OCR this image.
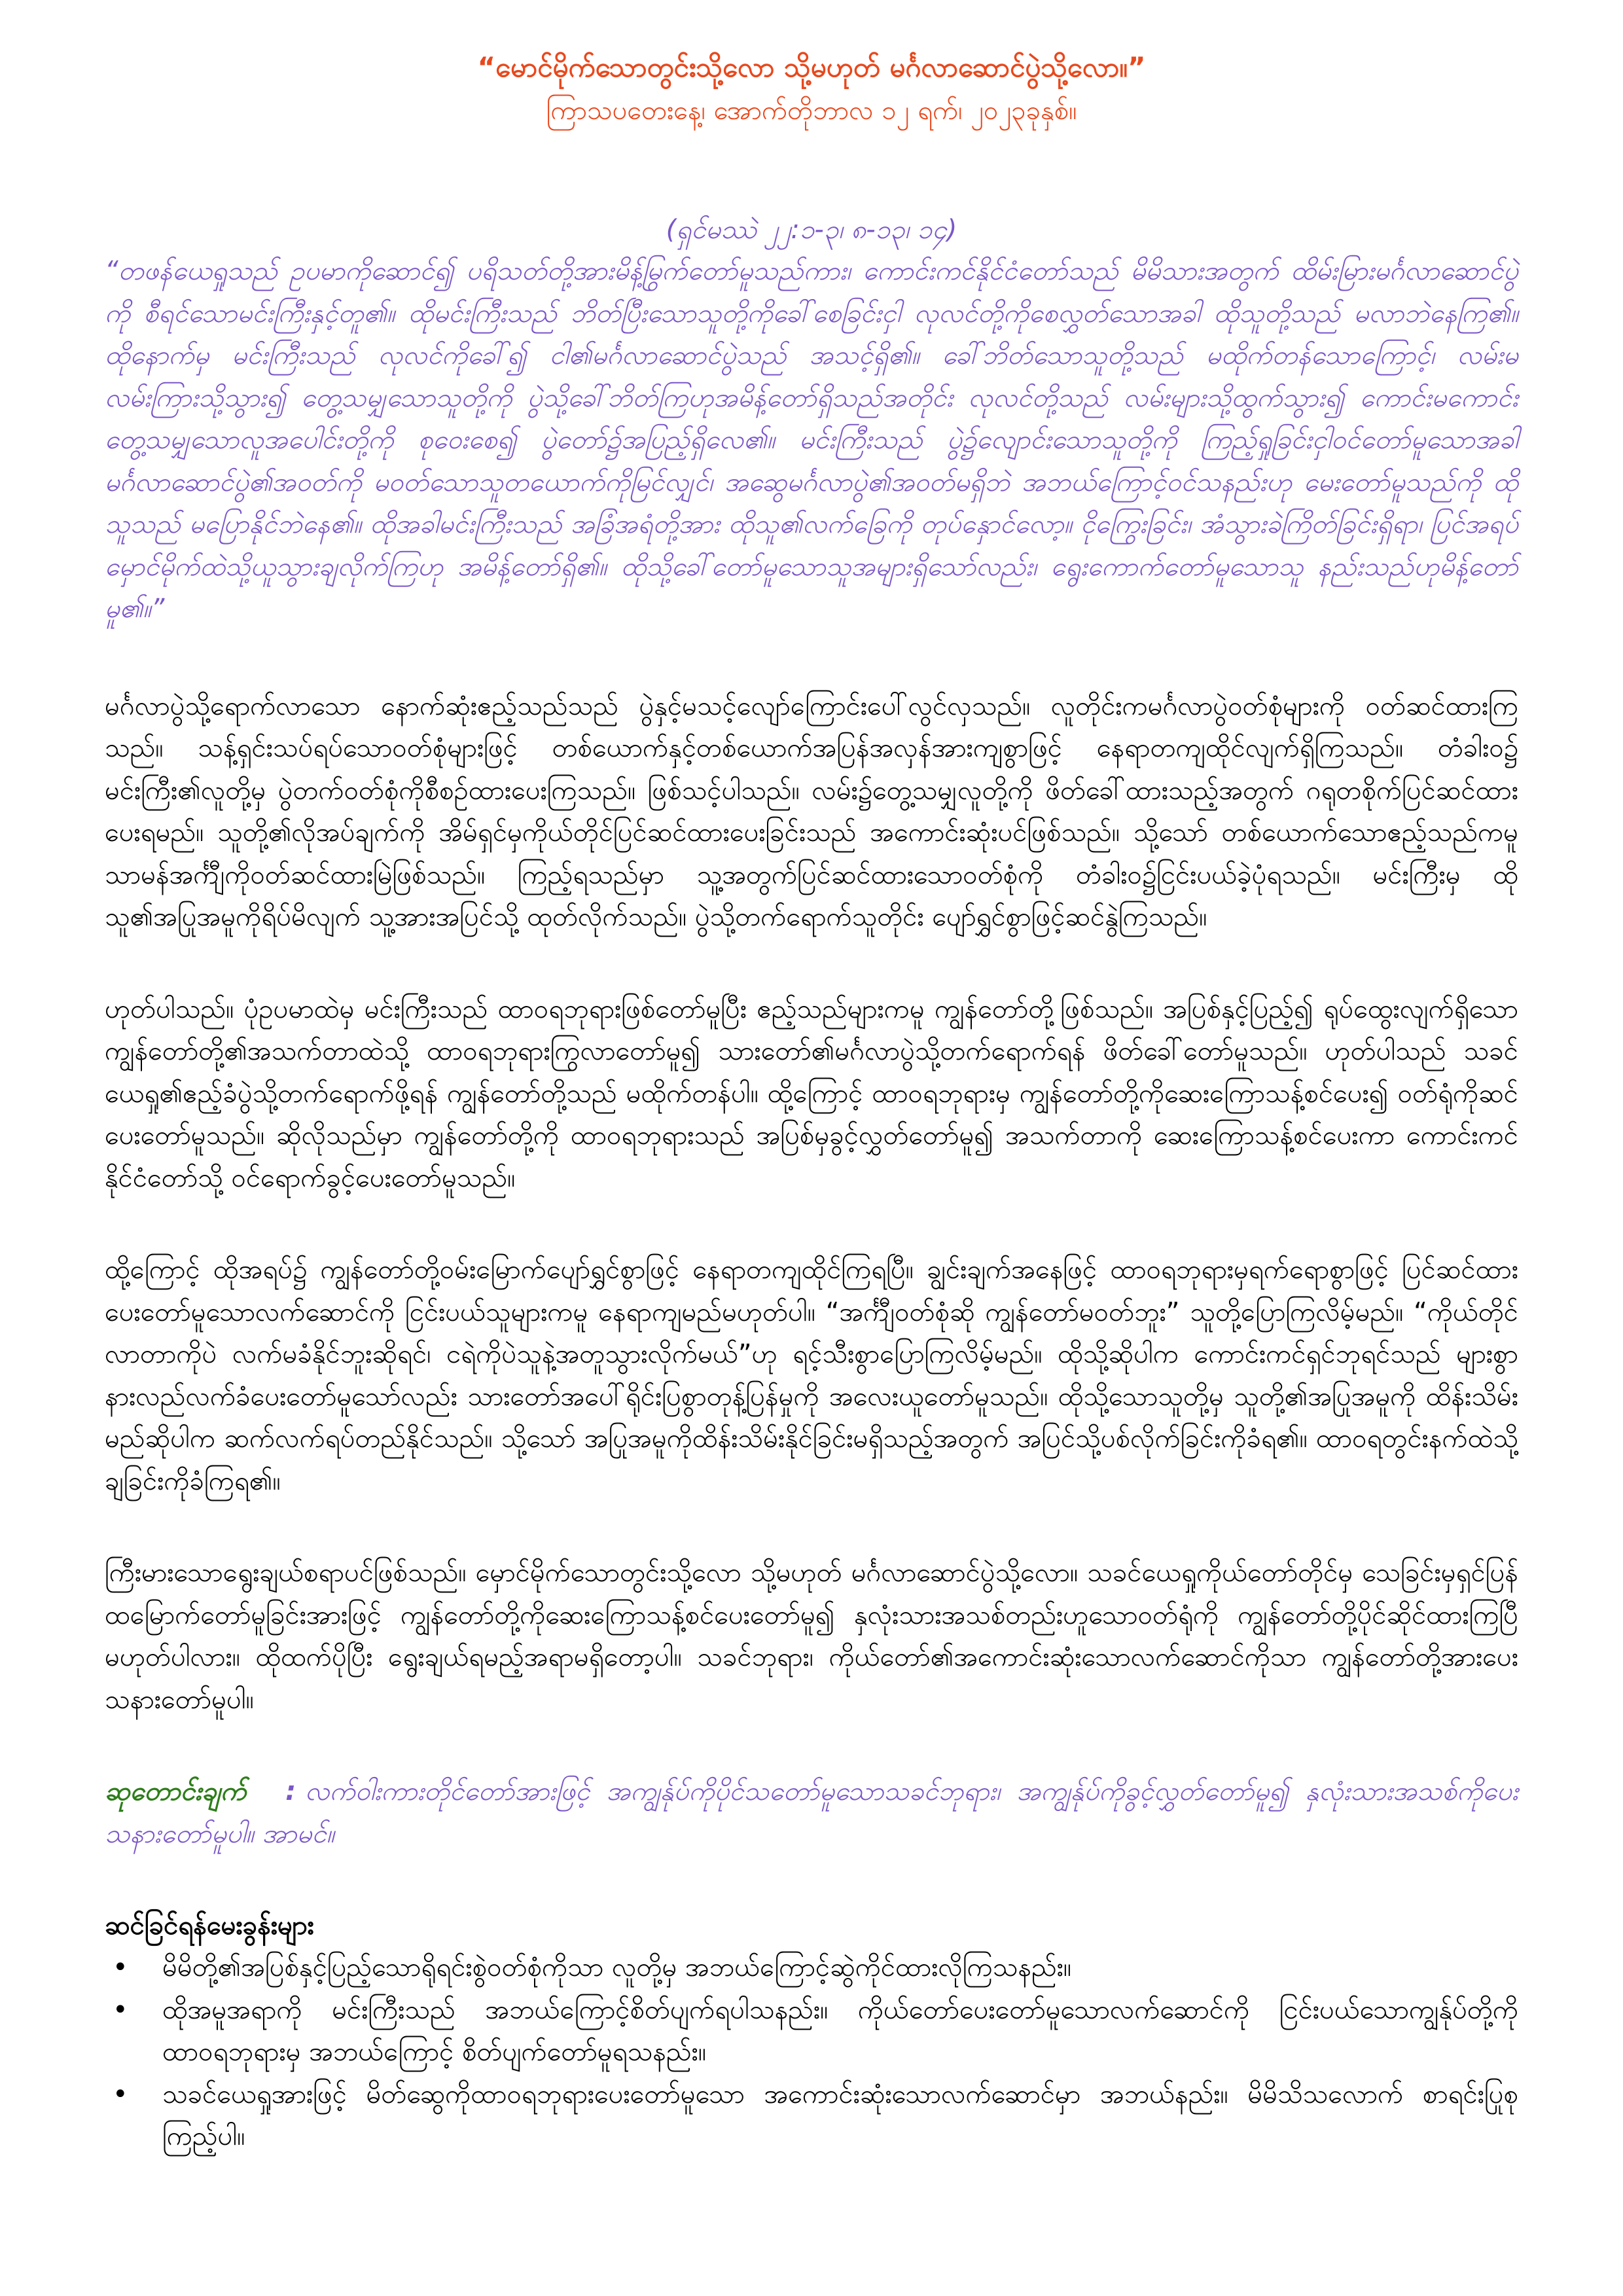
“မောင်မိုက်သောတွင်းသို့လော သို့မဟုတ် မင်္ဂလာဆောင်ပွဲသို့လော။”

ကြာသပတေးနေ့၊ အောက်တိုဘာလ ၁၂ ရက်၊ ၂၀၂၃ခုနှစ်။

(ရှင်မဿဲ ၂၂:၁-၃၊ ၈-၁၃၊ ၁၄)

“တဖန်ယေရှုသည် ဥပမာကိုဆောင်၍ ပရိသတ်တို့အားမိန့်မြွက်တော်မူသည်ကား၊ ကောင်းကင်နိုင်ငံတော်သည် မိမိသားအတွက် ထိမ်းမြားမင်္ဂလာဆောင်ပွဲကို စီရင်သောမင်းကြီးနှင့်တူ၏။ ထိုမင်းကြီးသည် ဘိတ်ပြီးသောသူတို့ကိုခေါ်စေခြင်းငှါ လုလင်တို့ကိုစေလွှတ်သောအခါ ထိုသူတို့သည် မလာဘဲနေကြ၏။ ထိုနောက်မှ မင်းကြီးသည် လုလင်ကိုခေါ်၍ ငါ၏မင်္ဂလာဆောင်ပွဲသည် အသင့်ရှိ၏။ ခေါ်ဘိတ်သောသူတို့သည် မထိုက်တန်သောကြောင့်၊ လမ်းမ လမ်းကြားသို့သွား၍ တွေ့သမျှသောသူတို့ကို ပွဲသို့ခေါ်ဘိတ်ကြဟုအမိန့်တော်ရှိသည်အတိုင်း လုလင်တို့သည် လမ်းများသို့ထွက်သွား၍ ကောင်းမကောင်း တွေ့သမျှသောလူအပေါင်းတို့ကို စုဝေးစေ၍ ပွဲတော်၌အပြည့်ရှိလေ၏။ မင်းကြီးသည် ပွဲ၌လျောင်းသောသူတို့ကို ကြည့်ရှုခြင်းငှါဝင်တော်မူသောအခါ မင်္ဂလာဆောင်ပွဲ၏အဝတ်ကို မဝတ်သောသူတယောက်ကိုမြင်လျှင်၊ အဆွေမင်္ဂလာပွဲ၏အဝတ်မရှိဘဲ အဘယ်ကြောင့်ဝင်သနည်းဟု မေးတော်မူသည်ကို ထိုသူသည် မပြောနိုင်ဘဲနေ၏။ ထိုအခါမင်းကြီးသည် အခြံအရံတို့အား ထိုသူ၏လက်ခြေကို တုပ်နှောင်လော့။ ငိုကြွေးခြင်း၊ အံသွားခဲကြိတ်ခြင်းရှိရာ၊ ပြင်အရပ်မှောင်မိုက်ထဲသို့ယူသွားချလိုက်ကြဟု အမိန့်တော်ရှိ၏။ ထိုသို့ခေါ်တော်မူသောသူအများရှိသော်လည်း၊ ရွေးကောက်တော်မူသောသူ နည်းသည်ဟုမိန့်တော်မူ၏။”

မင်္ဂလာပွဲသို့ရောက်လာသော နောက်ဆုံးဧည့်သည်သည် ပွဲနှင့်မသင့်လျော်ကြောင်းပေါ်လွင်လှသည်။ လူတိုင်းကမင်္ဂလာပွဲဝတ်စုံများကို ဝတ်ဆင်ထားကြသည်။ သန့်ရှင်းသပ်ရပ်သောဝတ်စုံများဖြင့် တစ်ယောက်နှင့်တစ်ယောက်အပြန်အလှန်အားကျစွာဖြင့် နေရာတကျထိုင်လျက်ရှိကြသည်။ တံခါးဝ၌ မင်းကြီး၏လူတို့မှ ပွဲတက်ဝတ်စုံကိုစီစဉ်ထားပေးကြသည်။ ဖြစ်သင့်ပါသည်။ လမ်း၌တွေ့သမျှလူတို့ကို ဖိတ်ခေါ်ထားသည့်အတွက် ဂရုတစိုက်ပြင်ဆင်ထားပေးရမည်။ သူတို့၏လိုအပ်ချက်ကို အိမ်ရှင်မှကိုယ်တိုင်ပြင်ဆင်ထားပေးခြင်းသည် အကောင်းဆုံးပင်ဖြစ်သည်။ သို့သော် တစ်ယောက်သောဧည့်သည်ကမူ သာမန်အင်္ကျီကိုဝတ်ဆင်ထားမြဲဖြစ်သည်။ ကြည့်ရသည်မှာ သူ့အတွက်ပြင်ဆင်ထားသောဝတ်စုံကို တံခါးဝ၌ငြင်းပယ်ခဲ့ပုံရသည်။ မင်းကြီးမှ ထိုသူ၏အပြုအမူကိုရိပ်မိလျက် သူ့အားအပြင်သို့ ထုတ်လိုက်သည်။ ပွဲသို့တက်ရောက်သူတိုင်း ပျော်ရွှင်စွာဖြင့်ဆင်နွဲကြသည်။

ဟုတ်ပါသည်။ ပုံဥပမာထဲမှ မင်းကြီးသည် ထာဝရဘုရားဖြစ်တော်မူပြီး ဧည့်သည်များကမူ ကျွန်တော်တို့ဖြစ်သည်။ အပြစ်နှင့်ပြည့်၍ ရုပ်ထွေးလျက်ရှိသော ကျွန်တော်တို့၏အသက်တာထဲသို့ ထာဝရဘုရားကြွလာတော်မူ၍ သားတော်၏မင်္ဂလာပွဲသို့တက်ရောက်ရန် ဖိတ်ခေါ်တော်မူသည်။ ဟုတ်ပါသည် သခင်ယေရှု၏ဧည့်ခံပွဲသို့တက်ရောက်ဖို့ရန် ကျွန်တော်တို့သည် မထိုက်တန်ပါ။ ထို့ကြောင့် ထာဝရဘုရားမှ ကျွန်တော်တို့ကိုဆေးကြောသန့်စင်ပေး၍ ဝတ်ရုံကိုဆင်ပေးတော်မူသည်။ ဆိုလိုသည်မှာ ကျွန်တော်တို့ကို ထာဝရဘုရားသည် အပြစ်မှခွင့်လွှတ်တော်မူ၍ အသက်တာကို ဆေးကြောသန့်စင်ပေးကာ ကောင်းကင်နိုင်ငံတော်သို့ ဝင်ရောက်ခွင့်ပေးတော်မူသည်။

ထို့ကြောင့် ထိုအရပ်၌ ကျွန်တော်တို့ဝမ်းမြောက်ပျော်ရွှင်စွာဖြင့် နေရာတကျထိုင်ကြရပြီ။ ချွင်းချက်အနေဖြင့် ထာဝရဘုရားမှရက်ရောစွာဖြင့် ပြင်ဆင်ထားပေးတော်မူသောလက်ဆောင်ကို ငြင်းပယ်သူများကမူ နေရာကျမည်မဟုတ်ပါ။ “အင်္ကျီဝတ်စုံဆို ကျွန်တော်မဝတ်ဘူး” သူတို့ပြောကြလိမ့်မည်။ “ကိုယ်တိုင်လာတာကိုပဲ လက်မခံနိုင်ဘူးဆိုရင်၊ ငရဲကိုပဲသူနဲ့အတူသွားလိုက်မယ်”ဟု ရင့်သီးစွာပြောကြလိမ့်မည်။ ထိုသို့ဆိုပါက ကောင်းကင်ရှင်ဘုရင်သည် များစွာနားလည်လက်ခံပေးတော်မူသော်လည်း သားတော်အပေါ်ရိုင်းပြစွာတုန့်ပြန်မှုကို အလေးယူတော်မူသည်။ ထိုသို့သောသူတို့မှ သူတို့၏အပြုအမူကို ထိန်းသိမ်းမည်ဆိုပါက ဆက်လက်ရပ်တည်နိုင်သည်။ သို့သော် အပြုအမူကိုထိန်းသိမ်းနိုင်ခြင်းမရှိသည့်အတွက် အပြင်သို့ပစ်လိုက်ခြင်းကိုခံရ၏။ ထာဝရတွင်းနက်ထဲသို့ချခြင်းကိုခံကြရ၏။

ကြီးမားသောရွေးချယ်စရာပင်ဖြစ်သည်။ မှောင်မိုက်သောတွင်းသို့လော သို့မဟုတ် မင်္ဂလာဆောင်ပွဲသို့လော။ သခင်ယေရှုကိုယ်တော်တိုင်မှ သေခြင်းမှရှင်ပြန်ထမြောက်တော်မူခြင်းအားဖြင့် ကျွန်တော်တို့ကိုဆေးကြောသန့်စင်ပေးတော်မူ၍ နှလုံးသားအသစ်တည်းဟူသောဝတ်ရုံကို ကျွန်တော်တို့ပိုင်ဆိုင်ထားကြပြီ မဟုတ်ပါလား။ ထိုထက်ပိုပြီး ရွေးချယ်ရမည့်အရာမရှိတော့ပါ။ သခင်ဘုရား၊ ကိုယ်တော်၏အကောင်းဆုံးသောလက်ဆောင်ကိုသာ ကျွန်တော်တို့အားပေးသနားတော်မူပါ။

ဆုတောင်းချက် : လက်ဝါးကားတိုင်တော်အားဖြင့် အကျွန်ုပ်ကိုပိုင်သတော်မူသောသခင်ဘုရား၊ အကျွန်ုပ်ကိုခွင့်လွှတ်တော်မူ၍ နှလုံးသားအသစ်ကိုပေးသနားတော်မူပါ။ အာမင်။

ဆင်ခြင်ရန်မေးခွန်းများ

• မိမိတို့၏အပြစ်နှင့်ပြည့်သောရိုရင်းစွဲဝတ်စုံကိုသာ လူတို့မှ အဘယ်ကြောင့်ဆွဲကိုင်ထားလိုကြသနည်း။
• ထိုအမူအရာကို မင်းကြီးသည် အဘယ်ကြောင့်စိတ်ပျက်ရပါသနည်း။ ကိုယ်တော်ပေးတော်မူသောလက်ဆောင်ကို ငြင်းပယ်သောကျွန်ုပ်တို့ကို ထာဝရဘုရားမှ အဘယ်ကြောင့် စိတ်ပျက်တော်မူရသနည်း။
• သခင်ယေရှုအားဖြင့် မိတ်ဆွေကိုထာဝရဘုရားပေးတော်မူသော အကောင်းဆုံးသောလက်ဆောင်မှာ အဘယ်နည်း။ မိမိသိသလောက် စာရင်းပြုစုကြည့်ပါ။
